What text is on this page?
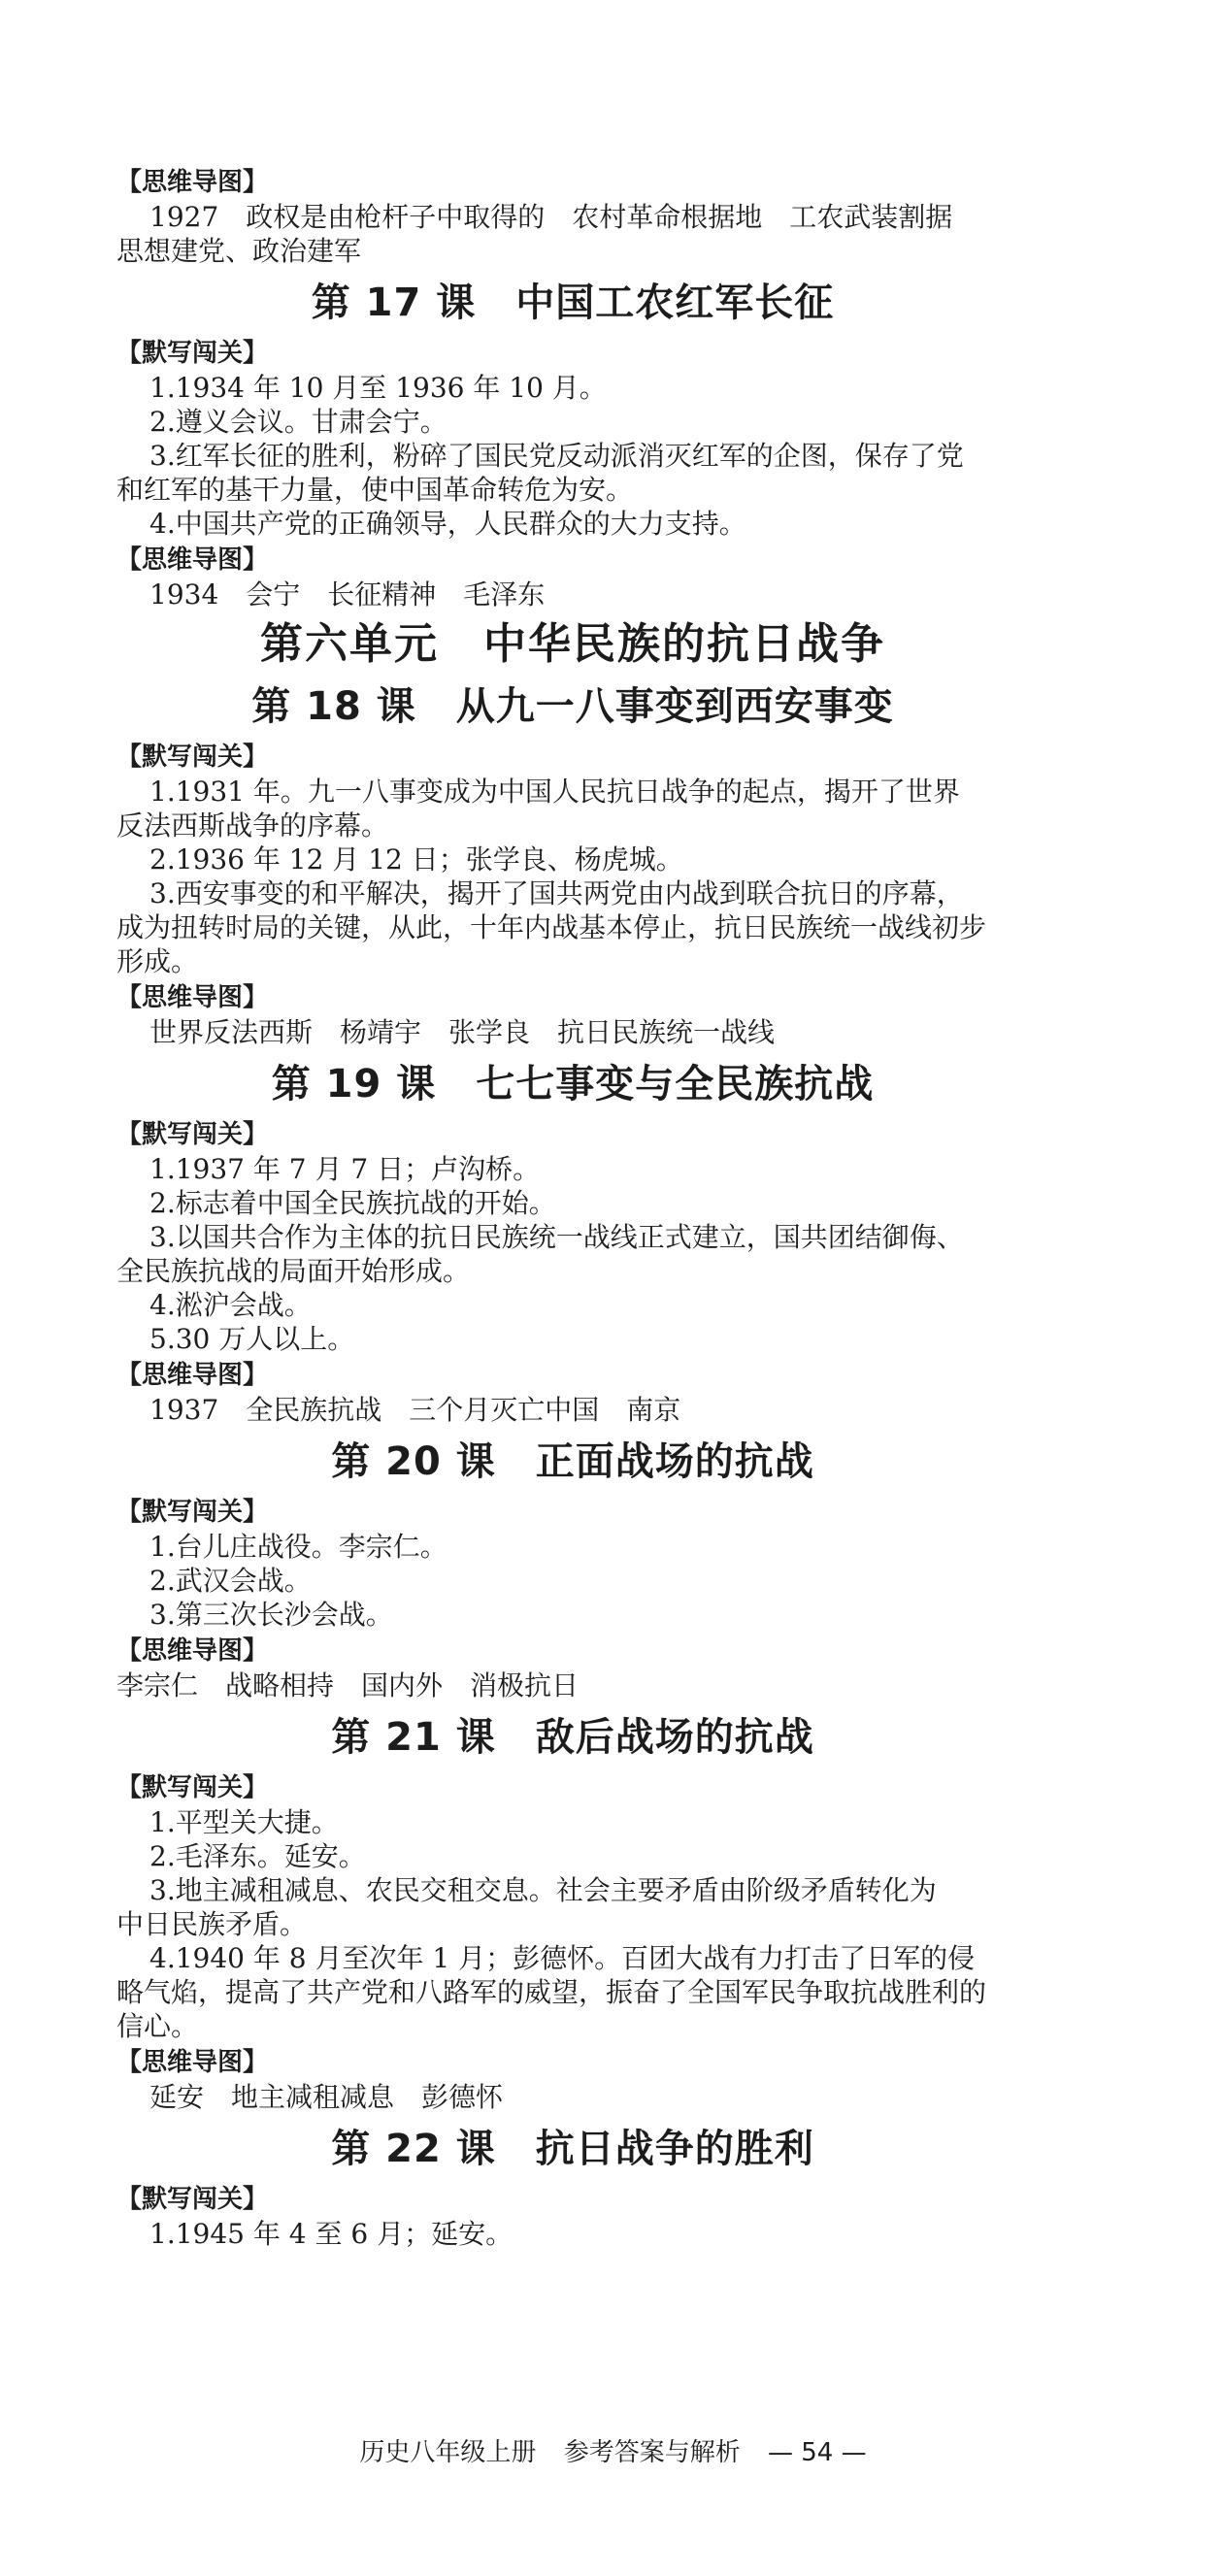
【思维导图】

1927　政权是由枪杆子中取得的　农村革命根据地　工农武装割据

思想建党、政治建军

第 17 课　中国工农红军长征
【默写闯关】

1.1934 年 10 月至 1936 年 10 月。

2.遵义会议。甘肃会宁。

3.红军长征的胜利，粉碎了国民党反动派消灭红军的企图，保存了党

和红军的基干力量，使中国革命转危为安。

4.中国共产党的正确领导，人民群众的大力支持。

【思维导图】

1934　会宁　长征精神　毛泽东

第六单元　中华民族的抗日战争
第 18 课　从九一八事变到西安事变
【默写闯关】

1.1931 年。九一八事变成为中国人民抗日战争的起点，揭开了世界

反法西斯战争的序幕。

2.1936 年 12 月 12 日；张学良、杨虎城。

3.西安事变的和平解决，揭开了国共两党由内战到联合抗日的序幕，

成为扭转时局的关键，从此，十年内战基本停止，抗日民族统一战线初步

形成。

【思维导图】

世界反法西斯　杨靖宇　张学良　抗日民族统一战线

第 19 课　七七事变与全民族抗战
【默写闯关】

1.1937 年 7 月 7 日；卢沟桥。

2.标志着中国全民族抗战的开始。

3.以国共合作为主体的抗日民族统一战线正式建立，国共团结御侮、

全民族抗战的局面开始形成。

4.淞沪会战。

5.30 万人以上。

【思维导图】

1937　全民族抗战　三个月灭亡中国　南京

第 20 课　正面战场的抗战
【默写闯关】

1.台儿庄战役。李宗仁。

2.武汉会战。

3.第三次长沙会战。

【思维导图】

李宗仁　战略相持　国内外　消极抗日

第 21 课　敌后战场的抗战
【默写闯关】

1.平型关大捷。

2.毛泽东。延安。

3.地主减租减息、农民交租交息。社会主要矛盾由阶级矛盾转化为

中日民族矛盾。

4.1940 年 8 月至次年 1 月；彭德怀。百团大战有力打击了日军的侵

略气焰，提高了共产党和八路军的威望，振奋了全国军民争取抗战胜利的

信心。

【思维导图】

延安　地主减租减息　彭德怀

第 22 课　抗日战争的胜利
【默写闯关】

1.1945 年 4 至 6 月；延安。

历史八年级上册 参考答案与解析 — 54 —
